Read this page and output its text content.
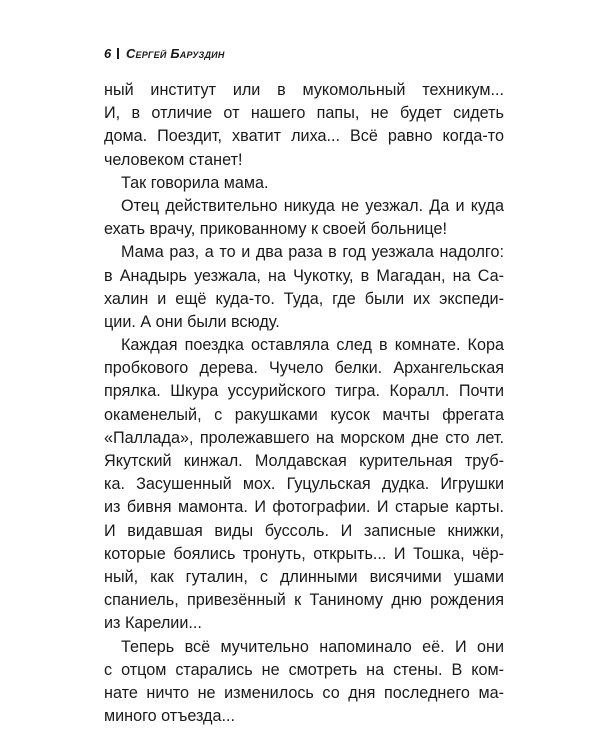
6 Сергей Баруздин
ный институт или в мукомольный техникум...
И, в отличие от нашего папы, не будет сидеть
дома. Поездит, хватит лиха... Всё равно когда-то
человеком станет!
Так говорила мама.
Отец действительно никуда не уезжал. Да и куда
ехать врачу, прикованному к своей больнице!
Мама раз, а то и два раза в год уезжала надолго:
в Анадырь уезжала, на Чукотку, в Магадан, на Са-
халин и ещё куда-то. Туда, где были их экспеди-
ции. А они были всюду.
Каждая поездка оставляла след в комнате. Кора
пробкового дерева. Чучело белки. Архангельская
прялка. Шкура уссурийского тигра. Коралл. Почти
окаменелый, с ракушками кусок мачты фрегата
«Паллада», пролежавшего на морском дне сто лет.
Якутский кинжал. Молдавская курительная труб-
ка. Засушенный мох. Гуцульская дудка. Игрушки
из бивня мамонта. И фотографии. И старые карты.
И видавшая виды буссоль. И записные книжки,
которые боялись тронуть, открыть... И Тошка, чёр-
ный, как гуталин, с длинными висячими ушами
спаниель, привезённый к Таниному дню рождения
из Карелии...
Теперь всё мучительно напоминало её. И они
с отцом старались не смотреть на стены. В ком-
нате ничто не изменилось со дня последнего ма-
миного отъезда...
